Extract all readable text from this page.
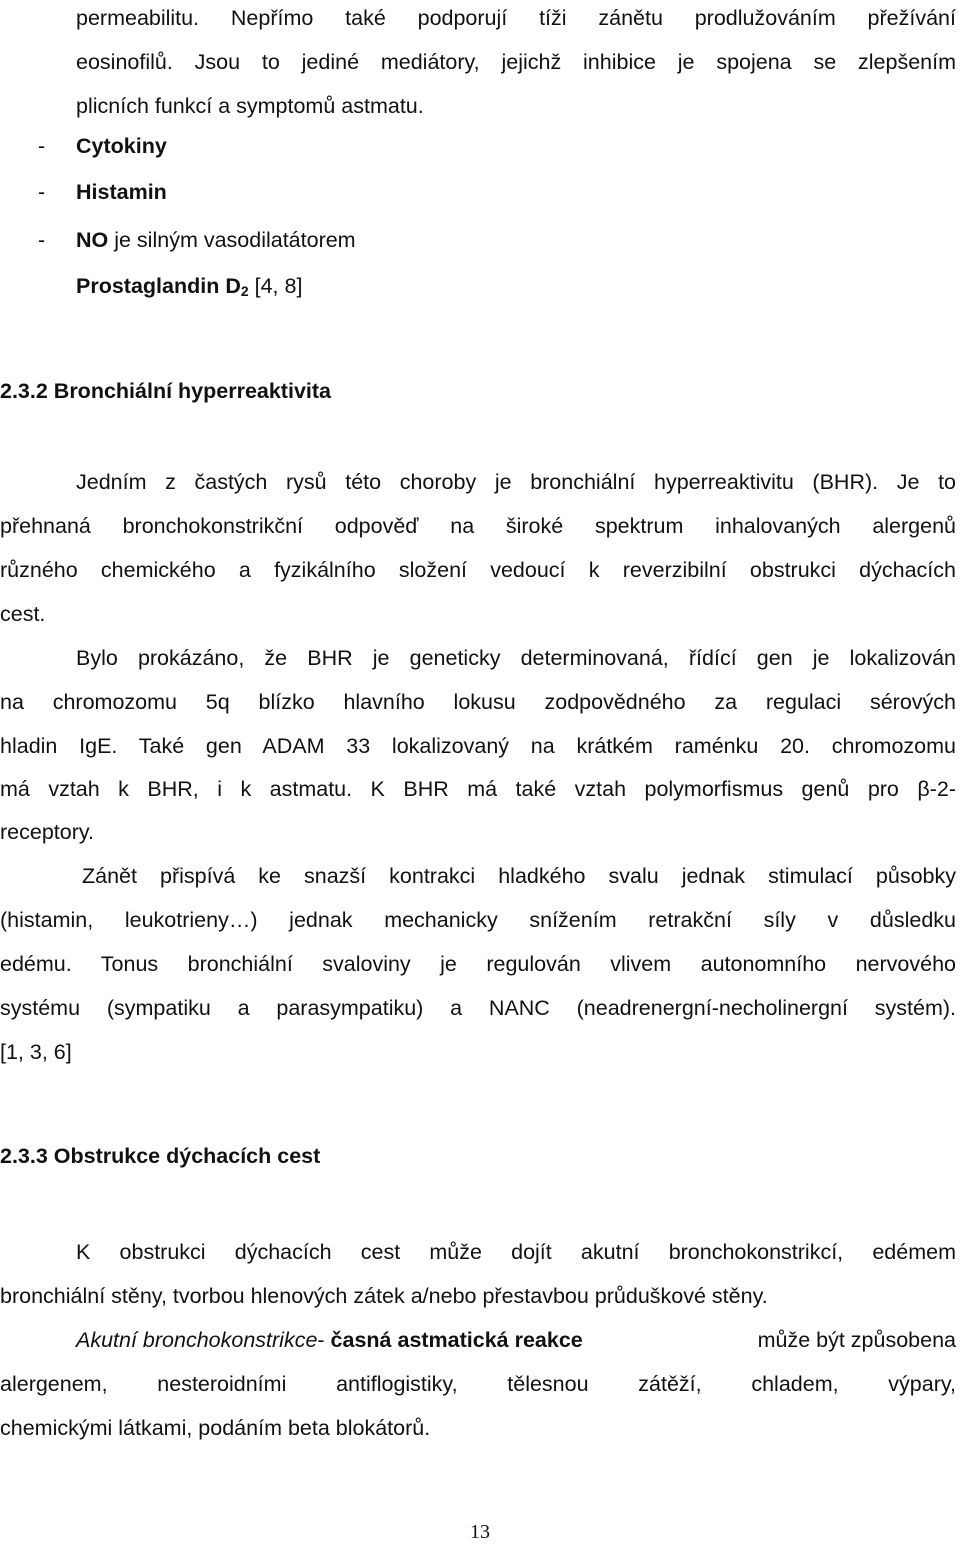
permeabilitu. Nepřímo také podporují tíži zánětu prodlužováním přežívání
eosinofilů. Jsou to jediné mediátory, jejichž inhibice je spojena se zlepšením
plicních funkcí a symptomů astmatu.
- Cytokiny
- Histamin
- NO je silným vasodilatátorem
Prostaglandin $D_2$ [4, 8]
2.3.2 Bronchiální hyperreaktivita
Jedním z častých rysů této choroby je bronchiální hyperreaktivitu (BHR). Je to
přehnaná bronchokonstrikční odpověď na široké spektrum inhalovaných alergenů
různého chemického a fyzikálního složení vedoucí k reverzibilní obstrukci dýchacích
cest.
Bylo prokázáno, že BHR je geneticky determinovaná, řídící gen je lokalizován
na chromozomu 5q blízko hlavního lokusu zodpovědného za regulaci sérových
hladin IgE. Také gen ADAM 33 lokalizovaný na krátkém raménku 20. chromozomu
má vztah k BHR, i k astmatu. K BHR má také vztah polymorfismus genů pro β-2-
receptory.
Zánět přispívá ke snazší kontrakci hladkého svalu jednak stimulací působky
(histamin, leukotrieny…) jednak mechanicky snížením retrakční síly v důsledku
edému. Tonus bronchiální svaloviny je regulován vlivem autonomního nervového
systému (sympatiku a parasympatiku) a NANC (neadrenergní-necholinergní systém).
[1, 3, 6]
2.3.3 Obstrukce dýchacích cest
K obstrukci dýchacích cest může dojít akutní bronchokonstrikcí, edémem
bronchiální stěny, tvorbou hlenových zátek a/nebo přestavbou průduškové stěny.
Akutní bronchokonstrikce- časná astmatická reakce	může být způsobena
alergenem, nesteroidními antiflogistiky, tělesnou zátěží, chladem, výpary,
chemickými látkami, podáním beta blokátorů.
13
